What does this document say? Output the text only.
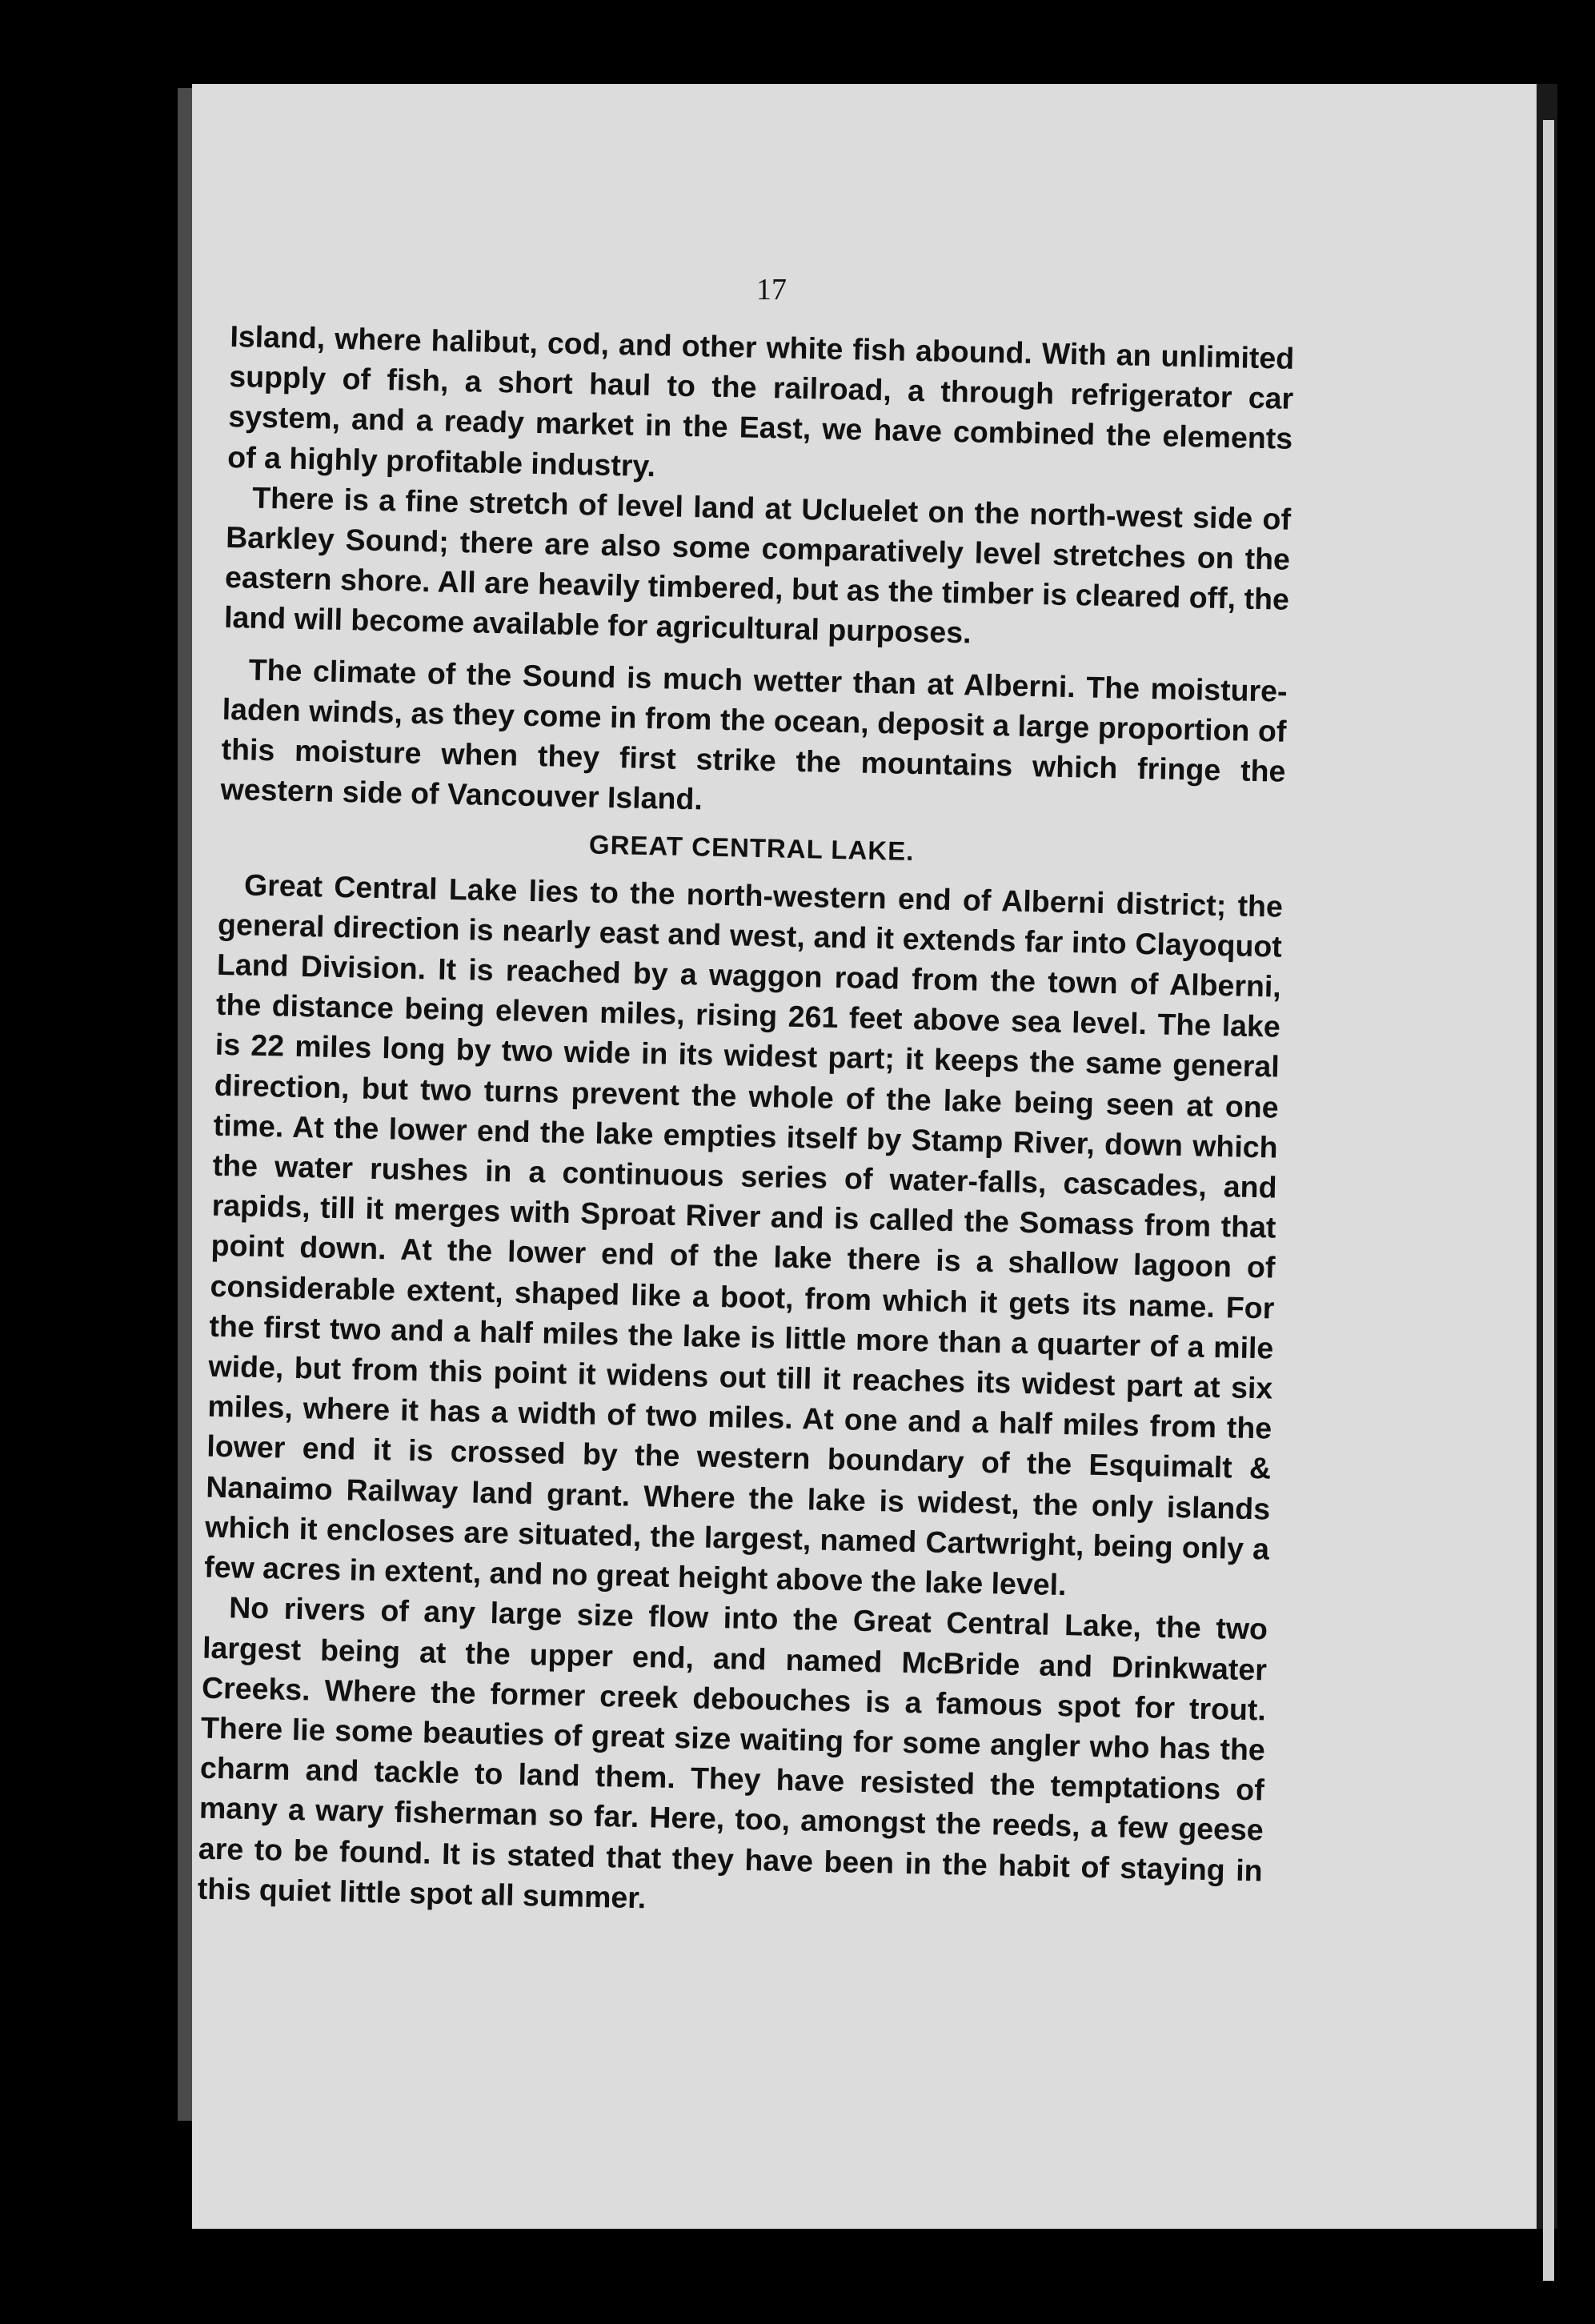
17

Island, where halibut, cod, and other white fish abound. With an unlimited supply of fish, a short haul to the railroad, a through refrigerator car system, and a ready market in the East, we have combined the elements of a highly profitable industry.

There is a fine stretch of level land at Ucluelet on the north-west side of Barkley Sound; there are also some comparatively level stretches on the eastern shore. All are heavily timbered, but as the timber is cleared off, the land will become available for agricultural purposes.

The climate of the Sound is much wetter than at Alberni. The moisture-laden winds, as they come in from the ocean, deposit a large proportion of this moisture when they first strike the mountains which fringe the western side of Vancouver Island.

GREAT CENTRAL LAKE.

Great Central Lake lies to the north-western end of Alberni district; the general direction is nearly east and west, and it extends far into Clayoquot Land Division. It is reached by a waggon road from the town of Alberni, the distance being eleven miles, rising 261 feet above sea level. The lake is 22 miles long by two wide in its widest part; it keeps the same general direction, but two turns prevent the whole of the lake being seen at one time. At the lower end the lake empties itself by Stamp River, down which the water rushes in a continuous series of water-falls, cascades, and rapids, till it merges with Sproat River and is called the Somass from that point down. At the lower end of the lake there is a shallow lagoon of considerable extent, shaped like a boot, from which it gets its name. For the first two and a half miles the lake is little more than a quarter of a mile wide, but from this point it widens out till it reaches its widest part at six miles, where it has a width of two miles. At one and a half miles from the lower end it is crossed by the western boundary of the Esquimalt & Nanaimo Railway land grant. Where the lake is widest, the only islands which it encloses are situated, the largest, named Cartwright, being only a few acres in extent, and no great height above the lake level.

No rivers of any large size flow into the Great Central Lake, the two largest being at the upper end, and named McBride and Drinkwater Creeks. Where the former creek debouches is a famous spot for trout. There lie some beauties of great size waiting for some angler who has the charm and tackle to land them. They have resisted the temptations of many a wary fisherman so far. Here, too, amongst the reeds, a few geese are to be found. It is stated that they have been in the habit of staying in this quiet little spot all summer.
